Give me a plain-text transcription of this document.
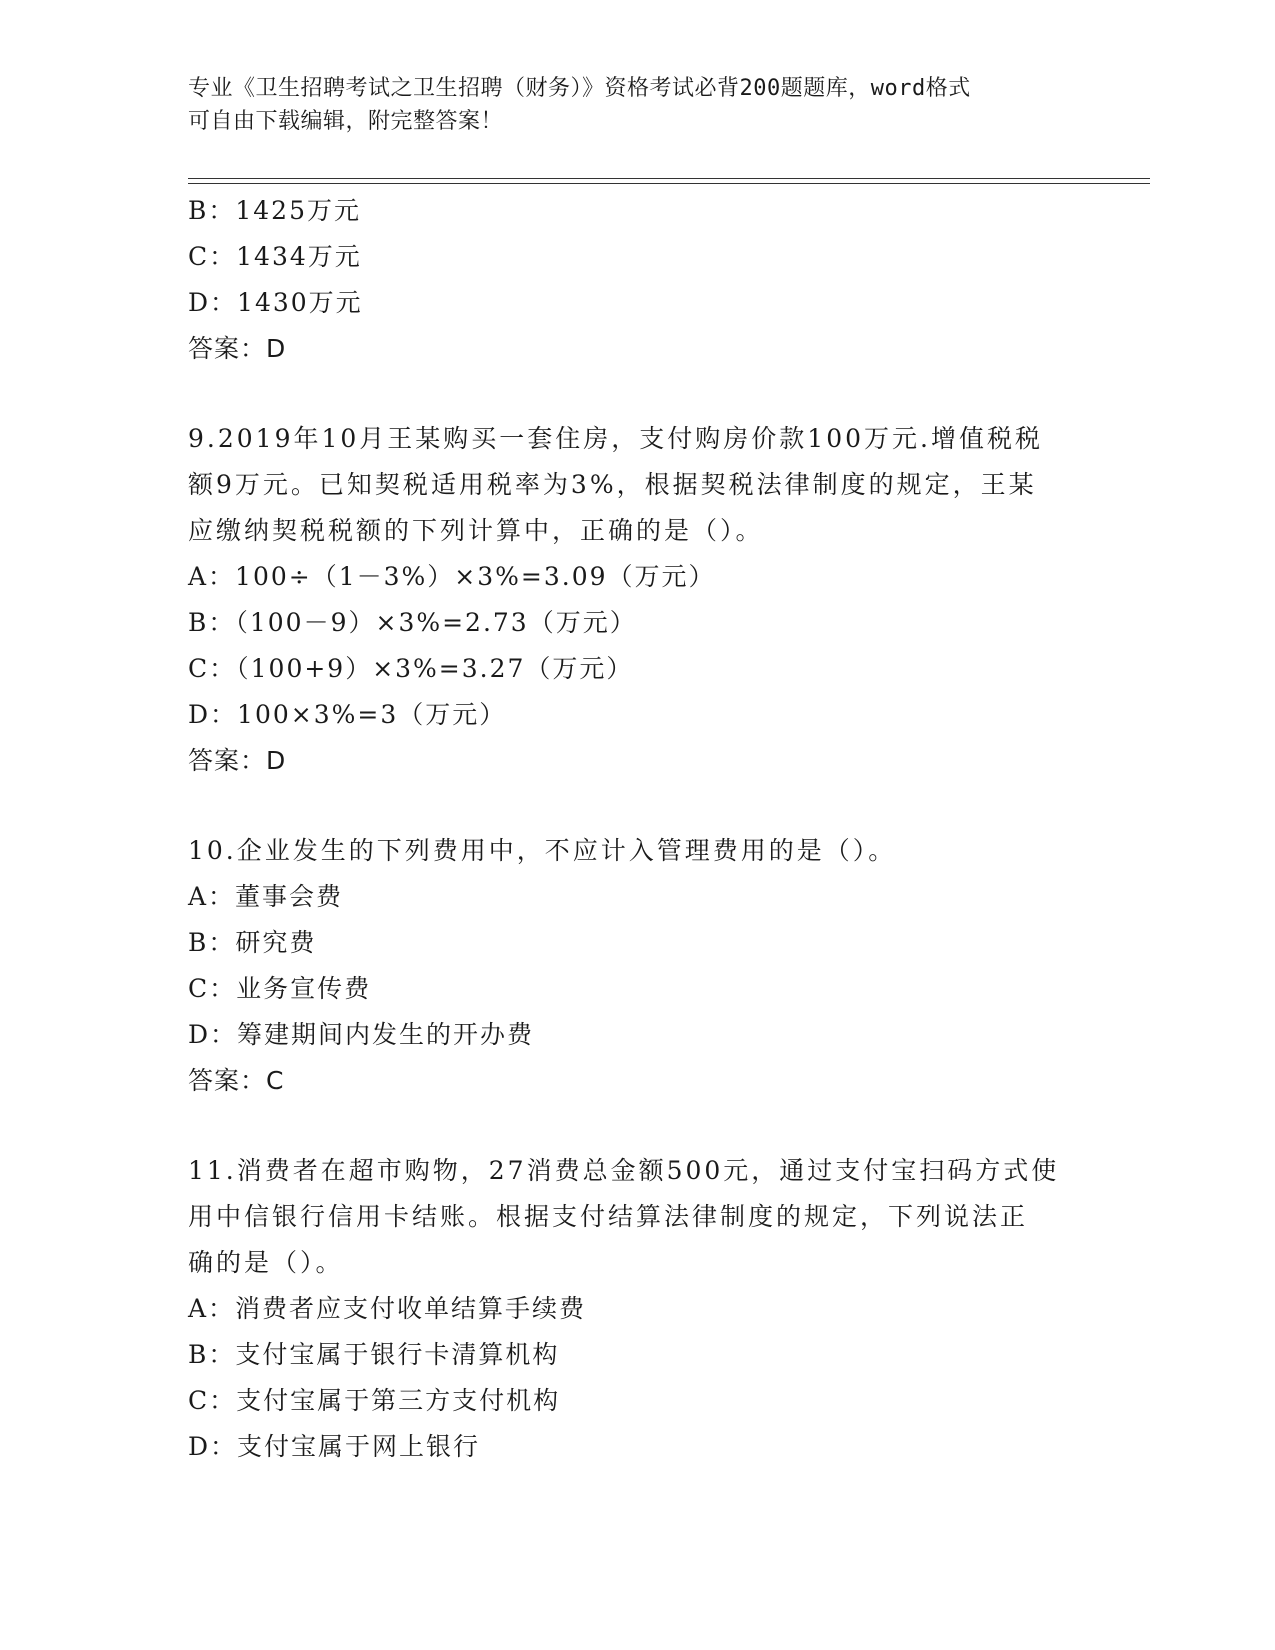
专业《卫生招聘考试之卫生招聘（财务）》资格考试必背200题题库，word格式
可自由下载编辑，附完整答案！
B：1425万元
C：1434万元
D：1430万元
答案：D
9.2019年10月王某购买一套住房，支付购房价款100万元.增值税税
额9万元。已知契税适用税率为3%，根据契税法律制度的规定，王某
应缴纳契税税额的下列计算中，正确的是（）。
A：100÷（1－3%）×3%=3.09（万元）
B：（100－9）×3%=2.73（万元）
C：（100+9）×3%=3.27（万元）
D：100×3%=3（万元）
答案：D
10.企业发生的下列费用中，不应计入管理费用的是（）。
A：董事会费
B：研究费
C：业务宣传费
D：筹建期间内发生的开办费
答案：C
11.消费者在超市购物，27消费总金额500元，通过支付宝扫码方式使
用中信银行信用卡结账。根据支付结算法律制度的规定，下列说法正
确的是（）。
A：消费者应支付收单结算手续费
B：支付宝属于银行卡清算机构
C：支付宝属于第三方支付机构
D：支付宝属于网上银行
